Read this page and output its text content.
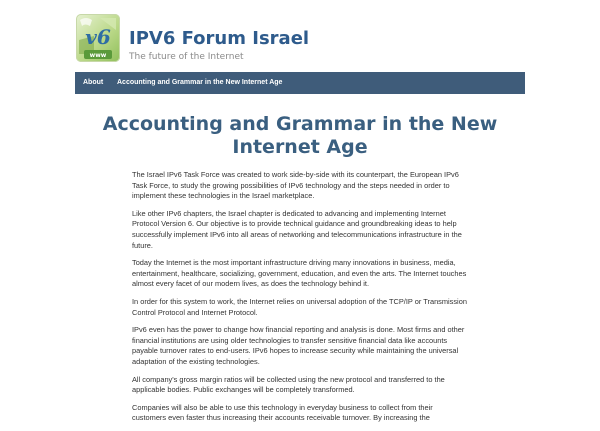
v6
www
IPV6 Forum Israel
The future of the Internet
About Accounting and Grammar in the New Internet Age
Accounting and Grammar in the New
Internet Age

The Israel IPv6 Task Force was created to work side-by-side with its counterpart, the European IPv6 Task Force, to study the growing possibilities of IPv6 technology and the steps needed in order to implement these technologies in the Israel marketplace.

Like other IPv6 chapters, the Israel chapter is dedicated to advancing and implementing Internet Protocol Version 6. Our objective is to provide technical guidance and groundbreaking ideas to help successfully implement IPv6 into all areas of networking and telecommunications infrastructure in the future.

Today the Internet is the most important infrastructure driving many innovations in business, media, entertainment, healthcare, socializing, government, education, and even the arts. The Internet touches almost every facet of our modern lives, as does the technology behind it.

In order for this system to work, the Internet relies on universal adoption of the TCP/IP or Transmission Control Protocol and Internet Protocol.

IPv6 even has the power to change how financial reporting and analysis is done. Most firms and other financial institutions are using older technologies to transfer sensitive financial data like accounts payable turnover rates to end-users. IPv6 hopes to increase security while maintaining the universal adaptation of the existing technologies.

All company's gross margin ratios will be collected using the new protocol and transferred to the applicable bodies. Public exchanges will be completely transformed.

Companies will also be able to use this technology in everyday business to collect from their customers even faster thus increasing their accounts receivable turnover. By increasing the
